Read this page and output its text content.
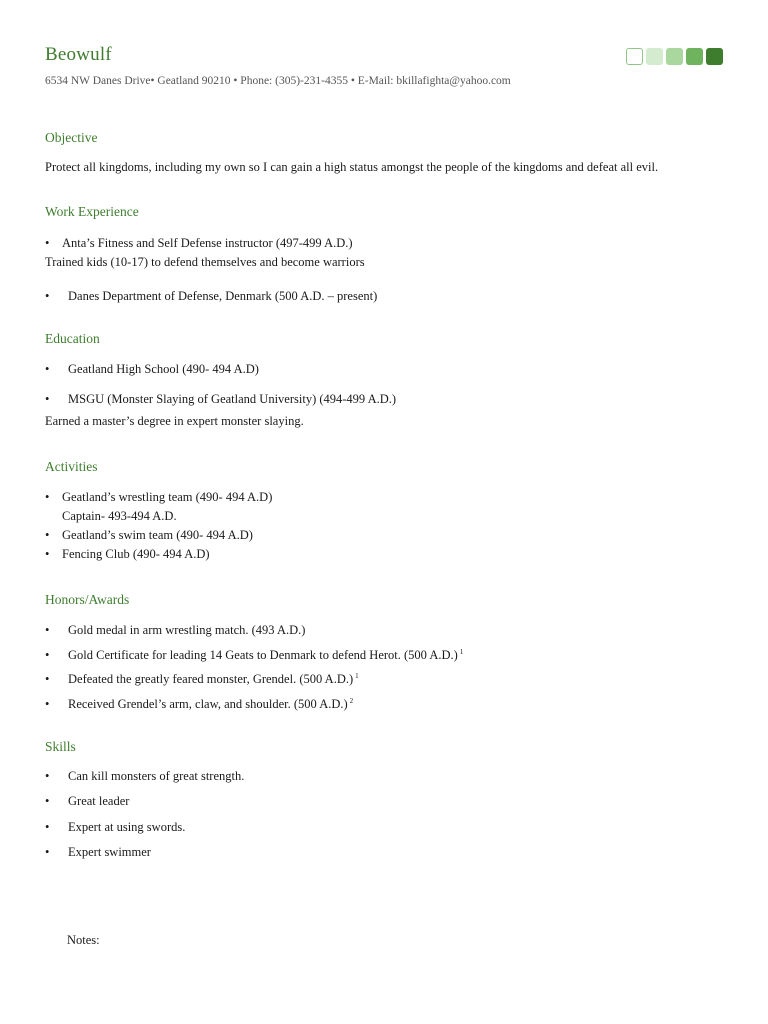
Beowulf
6534 NW Danes Drive• Geatland 90210 • Phone: (305)-231-4355 • E-Mail: bkillafighta@yahoo.com
Objective
Protect all kingdoms, including my own so I can gain a high status amongst the people of the kingdoms and defeat all evil.
Work Experience
• Anta’s Fitness and Self Defense instructor (497-499 A.D.)
Trained kids (10-17) to defend themselves and become warriors
• Danes Department of Defense, Denmark (500 A.D. – present)
Education
• Geatland High School (490- 494 A.D)
• MSGU (Monster Slaying of Geatland University) (494-499 A.D.)
Earned a master’s degree in expert monster slaying.
Activities
• Geatland’s wrestling team (490- 494 A.D)
Captain- 493-494 A.D.
• Geatland’s swim team (490- 494 A.D)
• Fencing Club (490- 494 A.D)
Honors/Awards
• Gold medal in arm wrestling match. (493 A.D.)
• Gold Certificate for leading 14 Geats to Denmark to defend Herot. (500 A.D.) $^1$
• Defeated the greatly feared monster, Grendel. (500 A.D.) $^1$
• Received Grendel’s arm, claw, and shoulder. (500 A.D.) $^2$
Skills
• Can kill monsters of great strength.
• Great leader
• Expert at using swords.
• Expert swimmer
Notes:
